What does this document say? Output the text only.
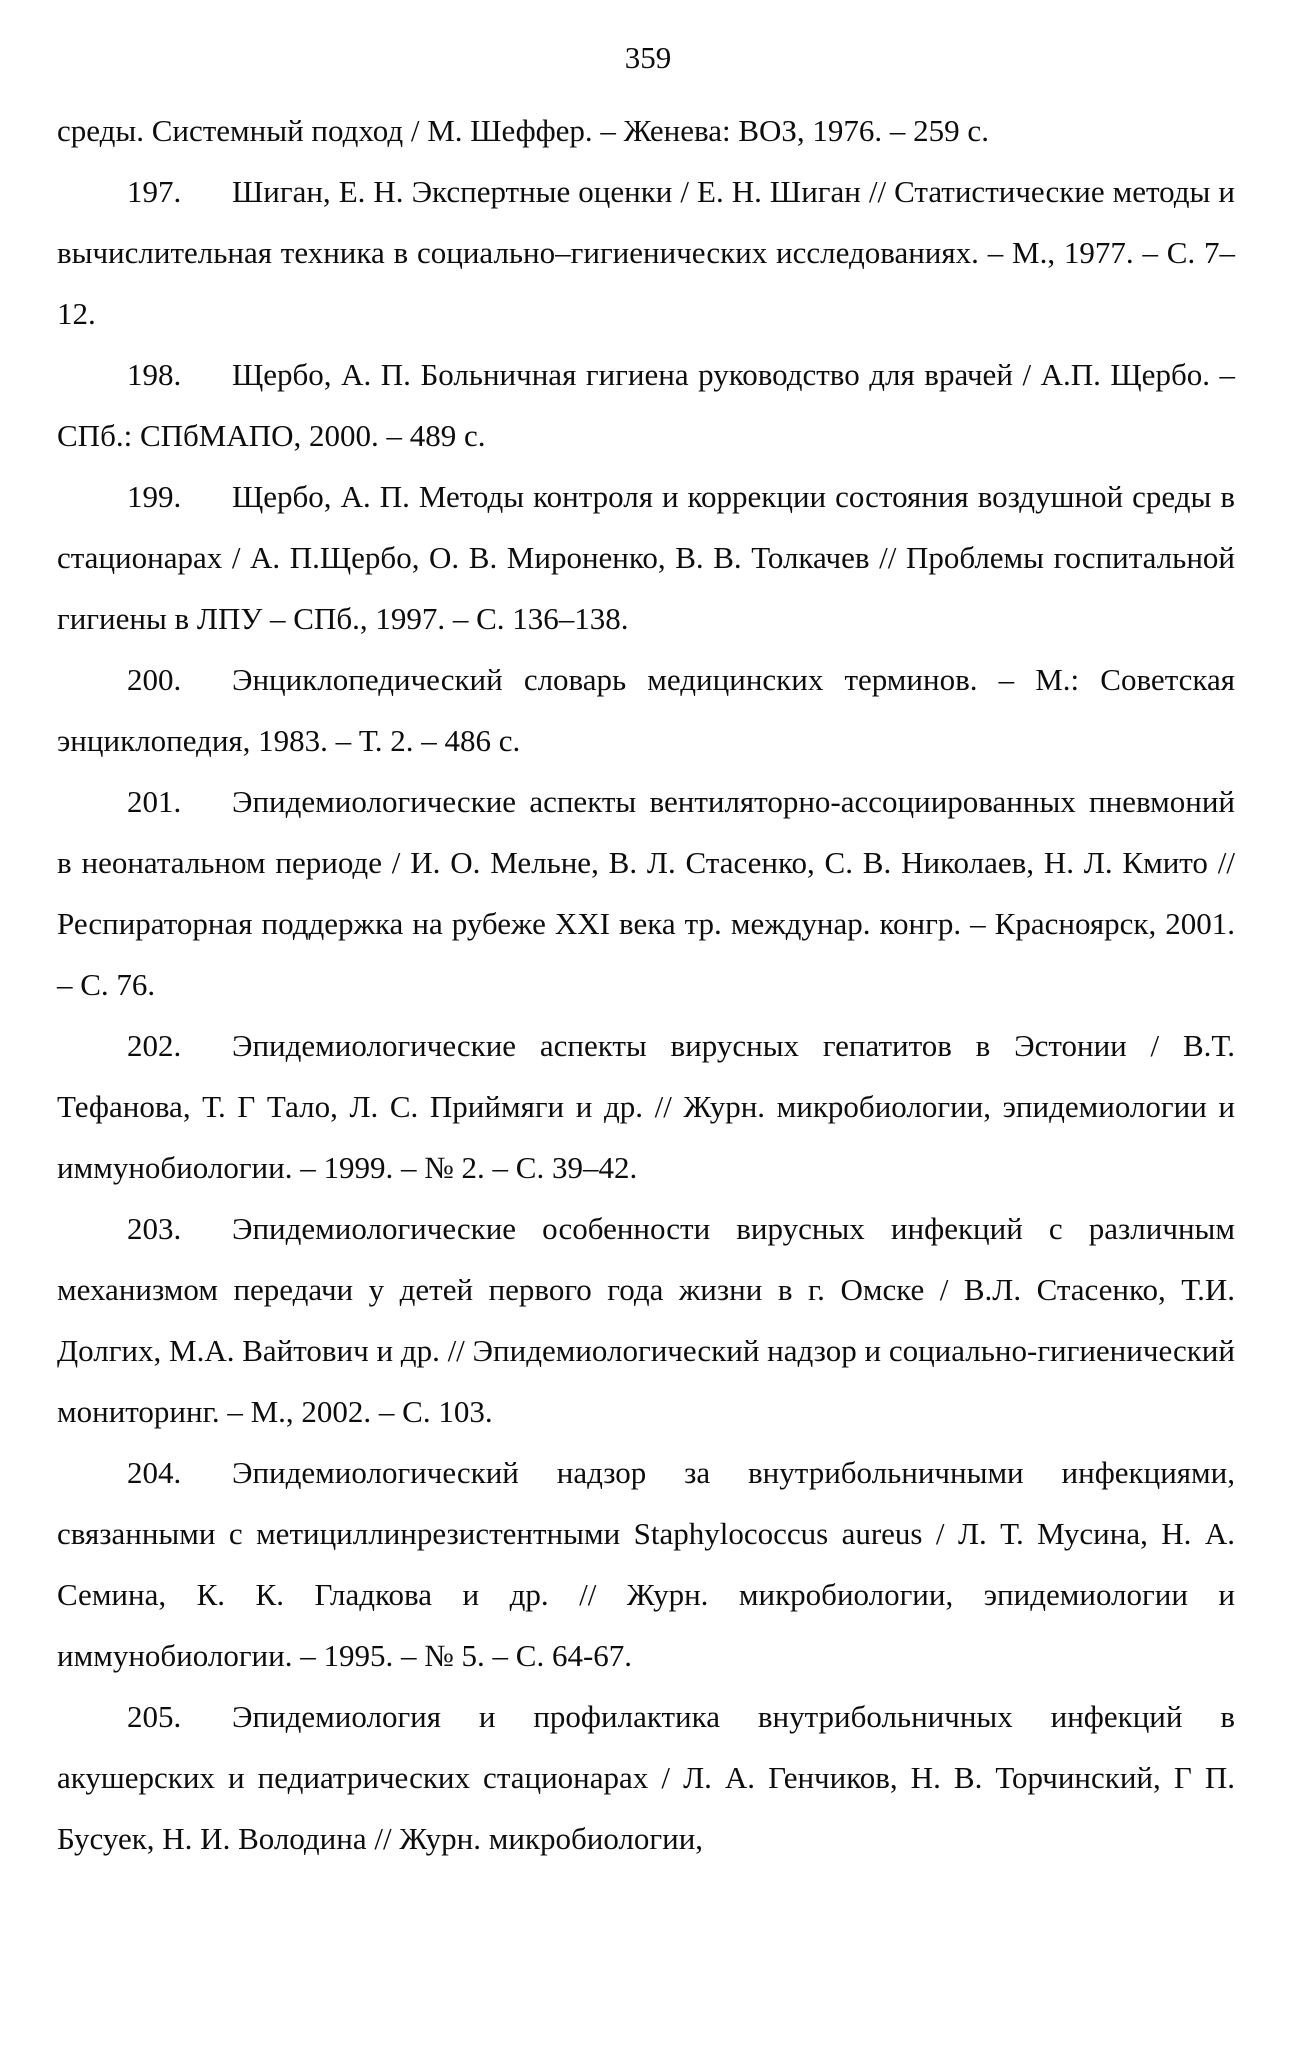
359

среды. Системный подход / М. Шеффер. – Женева: ВОЗ, 1976. – 259 с.

197. Шиган, Е. Н. Экспертные оценки / Е. Н. Шиган // Статистические методы и вычислительная техника в социально–гигиенических исследованиях. – М., 1977. – С. 7–12.

198. Щербо, А. П. Больничная гигиена руководство для врачей / А.П. Щербо. – СПб.: СПбМАПО, 2000. – 489 с.

199. Щербо, А. П. Методы контроля и коррекции состояния воздушной среды в стационарах / А. П.Щербо, О. В. Мироненко, В. В. Толкачев // Проблемы госпитальной гигиены в ЛПУ – СПб., 1997. – С. 136–138.

200. Энциклопедический словарь медицинских терминов. – М.: Советская энциклопедия, 1983. – Т. 2. – 486 с.

201. Эпидемиологические аспекты вентиляторно-ассоциированных пневмоний в неонатальном периоде / И. О. Мельне, В. Л. Стасенко, С. В. Николаев, Н. Л. Кмито // Респираторная поддержка на рубеже XXI века тр. междунар. конгр. – Красноярск, 2001. – С. 76.

202. Эпидемиологические аспекты вирусных гепатитов в Эстонии / В.Т. Тефанова, Т. Г Тало, Л. С. Приймяги и др. // Журн. микробиологии, эпидемиологии и иммунобиологии. – 1999. – № 2. – С. 39–42.

203. Эпидемиологические особенности вирусных инфекций с различным механизмом передачи у детей первого года жизни в г. Омске / В.Л. Стасенко, Т.И. Долгих, М.А. Вайтович и др. // Эпидемиологический надзор и социально-гигиенический мониторинг. – М., 2002. – С. 103.

204. Эпидемиологический надзор за внутрибольничными инфекциями, связанными с метициллинрезистентными Staphylococcus aureus / Л. Т. Мусина, Н. А. Семина, К. К. Гладкова и др. // Журн. микробиологии, эпидемиологии и иммунобиологии. – 1995. – № 5. – С. 64-67.

205. Эпидемиология и профилактика внутрибольничных инфекций в акушерских и педиатрических стационарах / Л. А. Генчиков, Н. В. Торчинский, Г П. Бусуек, Н. И. Володина // Журн. микробиологии,
